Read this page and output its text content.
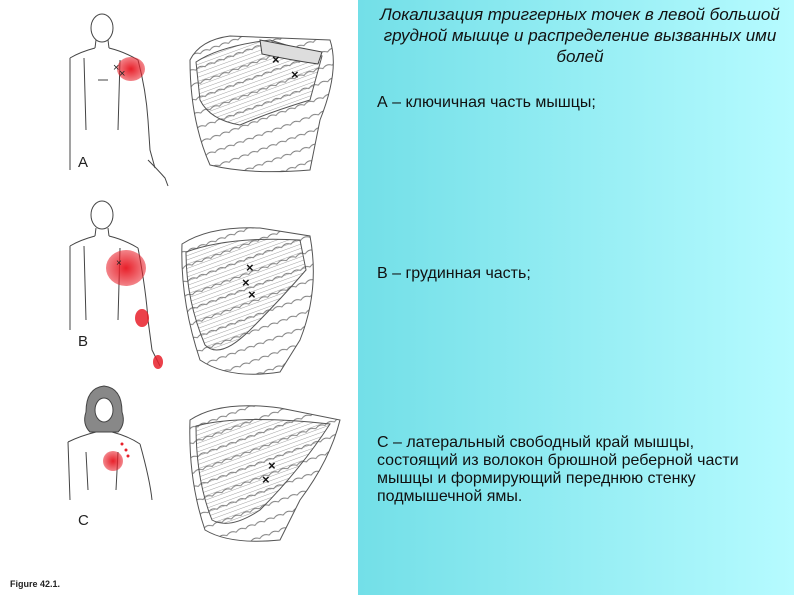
× ×
×
×
×	×
×
×
×
×
A
B
C
Figure 42.1.
Локализация триггерных точек в левой большой грудной мышце и распределение вызванных ими болей
А – ключичная часть мышцы;
В – грудинная часть;
С – латеральный свободный край мышцы, состоящий из волокон брюшной реберной части мышцы и формирующий переднюю стенку подмышечной ямы.
